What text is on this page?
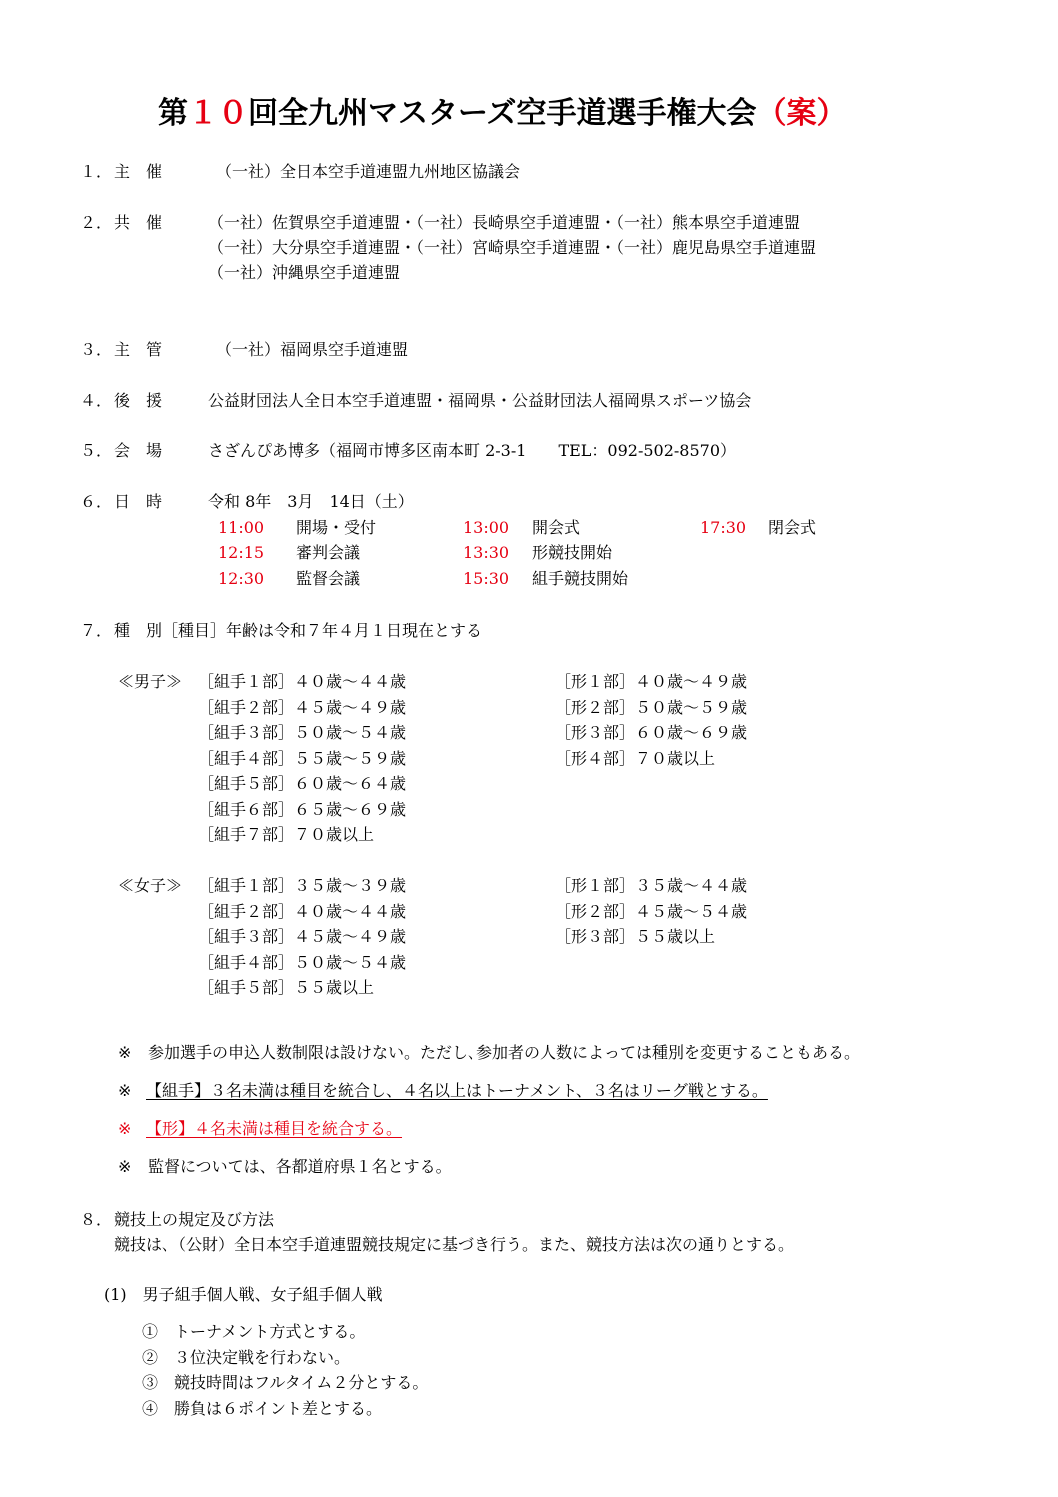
第１０回全九州マスターズ空手道選手権大会（案）
１． 主　催	（一社）全日本空手道連盟九州地区協議会
２． 共　催	（一社）佐賀県空手道連盟・（一社）長崎県空手道連盟・（一社）熊本県空手道連盟
（一社）大分県空手道連盟・（一社）宮崎県空手道連盟・（一社）鹿児島県空手道連盟
（一社）沖縄県空手道連盟
３． 主　管	（一社）福岡県空手道連盟
４． 後　援	公益財団法人全日本空手道連盟・福岡県・公益財団法人福岡県スポーツ協会
５． 会　場	さざんぴあ博多（福岡市博多区南本町 2-3-1　　TEL：092-502-8570）
６． 日　時	令和 8年　3月　14日（土）
11:00 開場・受付
12:15 審判会議
12:30 監督会議
13:00 開会式
13:30 形競技開始
15:30 組手競技開始
17:30 閉会式
７． 種　別［種目］年齢は令和７年４月１日現在とする
≪男子≫ ［組手１部］４０歳～４４歳
［組手２部］４５歳～４９歳
［組手３部］５０歳～５４歳
［組手４部］５５歳～５９歳
［組手５部］６０歳～６４歳
［組手６部］６５歳～６９歳
［組手７部］７０歳以上
［形１部］４０歳～４９歳
［形２部］５０歳～５９歳
［形３部］６０歳～６９歳
［形４部］７０歳以上
≪女子≫ ［組手１部］３５歳～３９歳
［組手２部］４０歳～４４歳
［組手３部］４５歳～４９歳
［組手４部］５０歳～５４歳
［組手５部］５５歳以上
［形１部］３５歳～４４歳
［形２部］４５歳～５４歳
［形３部］５５歳以上
※ 参加選手の申込人数制限は設けない。ただし､参加者の人数によっては種別を変更することもある。
※ 【組手】３名未満は種目を統合し、４名以上はトーナメント、３名はリーグ戦とする。
※ 【形】４名未満は種目を統合する。
※ 監督については、各都道府県１名とする。
８． 競技上の規定及び方法
競技は､（公財）全日本空手道連盟競技規定に基づき行う。また、競技方法は次の通りとする。
(1)　男子組手個人戦、女子組手個人戦
①　トーナメント方式とする。
②　３位決定戦を行わない。
③　競技時間はフルタイム２分とする。
④　勝負は６ポイント差とする。
